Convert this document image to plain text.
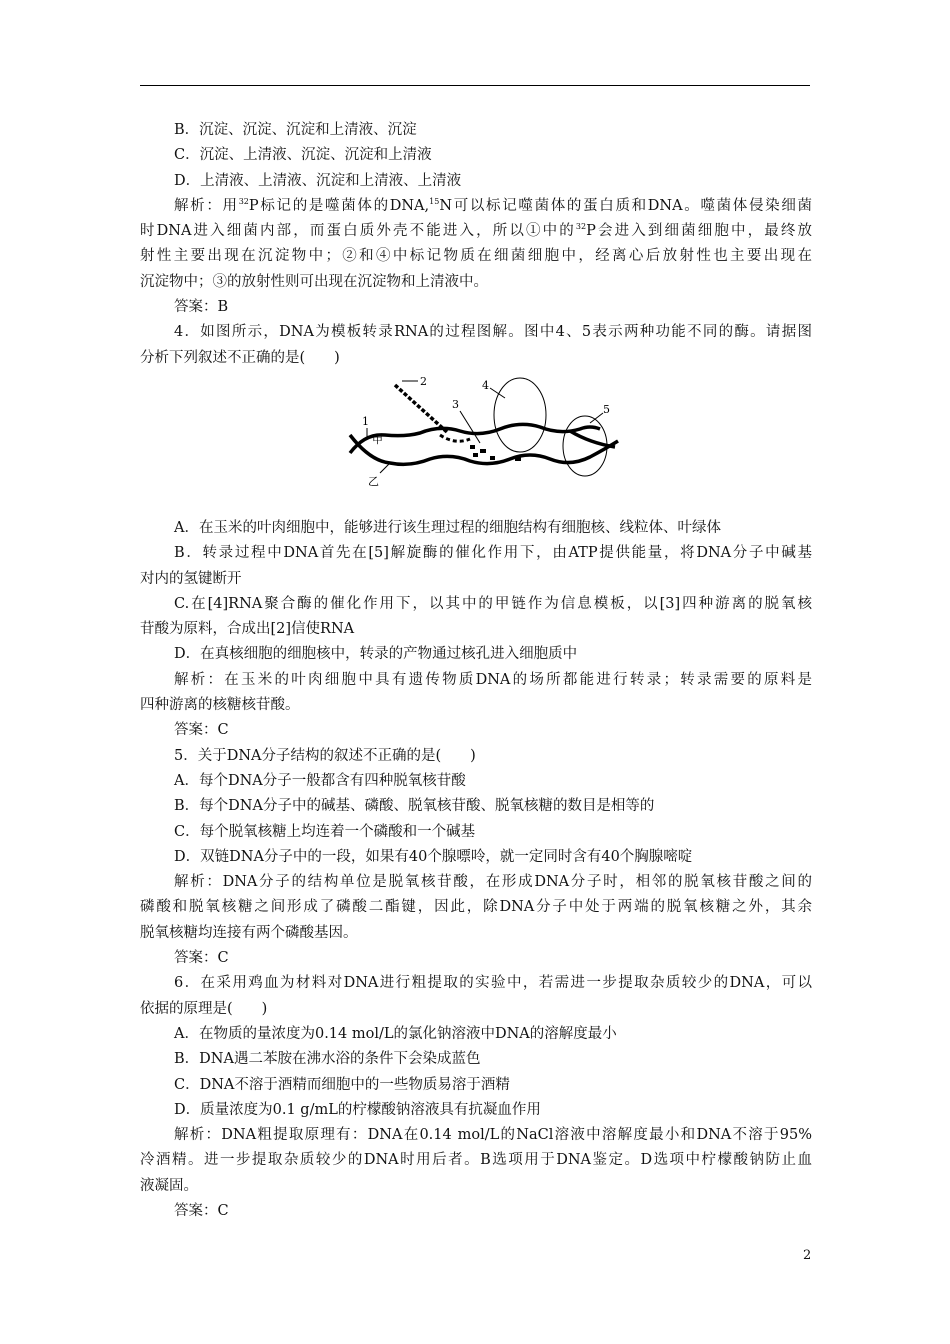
B．沉淀、沉淀、沉淀和上清液、沉淀
C．沉淀、上清液、沉淀、沉淀和上清液
D．上清液、上清液、沉淀和上清液、上清液
解析：用$^{32}$P标记的是噬菌体的DNA,$^{15}$N可以标记噬菌体的蛋白质和DNA。噬菌体侵染细菌
时DNA进入细菌内部，而蛋白质外壳不能进入，所以①中的$^{32}$P会进入到细菌细胞中，最终放
射性主要出现在沉淀物中；②和④中标记物质在细菌细胞中，经离心后放射性也主要出现在
沉淀物中；③的放射性则可出现在沉淀物和上清液中。
答案：B
4．如图所示，DNA为模板转录RNA的过程图解。图中4、5表示两种功能不同的酶。请据图
分析下列叙述不正确的是(　　)
2	4
5
3
1
甲
乙
A．在玉米的叶肉细胞中，能够进行该生理过程的细胞结构有细胞核、线粒体、叶绿体
B．转录过程中DNA首先在[5]解旋酶的催化作用下，由ATP提供能量，将DNA分子中碱基
对内的氢键断开
C.在[4]RNA聚合酶的催化作用下，以其中的甲链作为信息模板，以[3]四种游离的脱氧核
苷酸为原料，合成出[2]信使RNA
D．在真核细胞的细胞核中，转录的产物通过核孔进入细胞质中
解析：在玉米的叶肉细胞中具有遗传物质DNA的场所都能进行转录；转录需要的原料是
四种游离的核糖核苷酸。
答案：C
5．关于DNA分子结构的叙述不正确的是(　　)
A．每个DNA分子一般都含有四种脱氧核苷酸
B．每个DNA分子中的碱基、磷酸、脱氧核苷酸、脱氧核糖的数目是相等的
C．每个脱氧核糖上均连着一个磷酸和一个碱基
D．双链DNA分子中的一段，如果有40个腺嘌呤，就一定同时含有40个胸腺嘧啶
解析：DNA分子的结构单位是脱氧核苷酸，在形成DNA分子时，相邻的脱氧核苷酸之间的
磷酸和脱氧核糖之间形成了磷酸二酯键，因此，除DNA分子中处于两端的脱氧核糖之外，其余
脱氧核糖均连接有两个磷酸基因。
答案：C
6．在采用鸡血为材料对DNA进行粗提取的实验中，若需进一步提取杂质较少的DNA，可以
依据的原理是(　　)
A．在物质的量浓度为0.14 mol/L的氯化钠溶液中DNA的溶解度最小
B．DNA遇二苯胺在沸水浴的条件下会染成蓝色
C．DNA不溶于酒精而细胞中的一些物质易溶于酒精
D．质量浓度为0.1 g/mL的柠檬酸钠溶液具有抗凝血作用
解析：DNA粗提取原理有：DNA在0.14 mol/L的NaCl溶液中溶解度最小和DNA不溶于95%
冷酒精。进一步提取杂质较少的DNA时用后者。B选项用于DNA鉴定。D选项中柠檬酸钠防止血
液凝固。
答案：C
2
